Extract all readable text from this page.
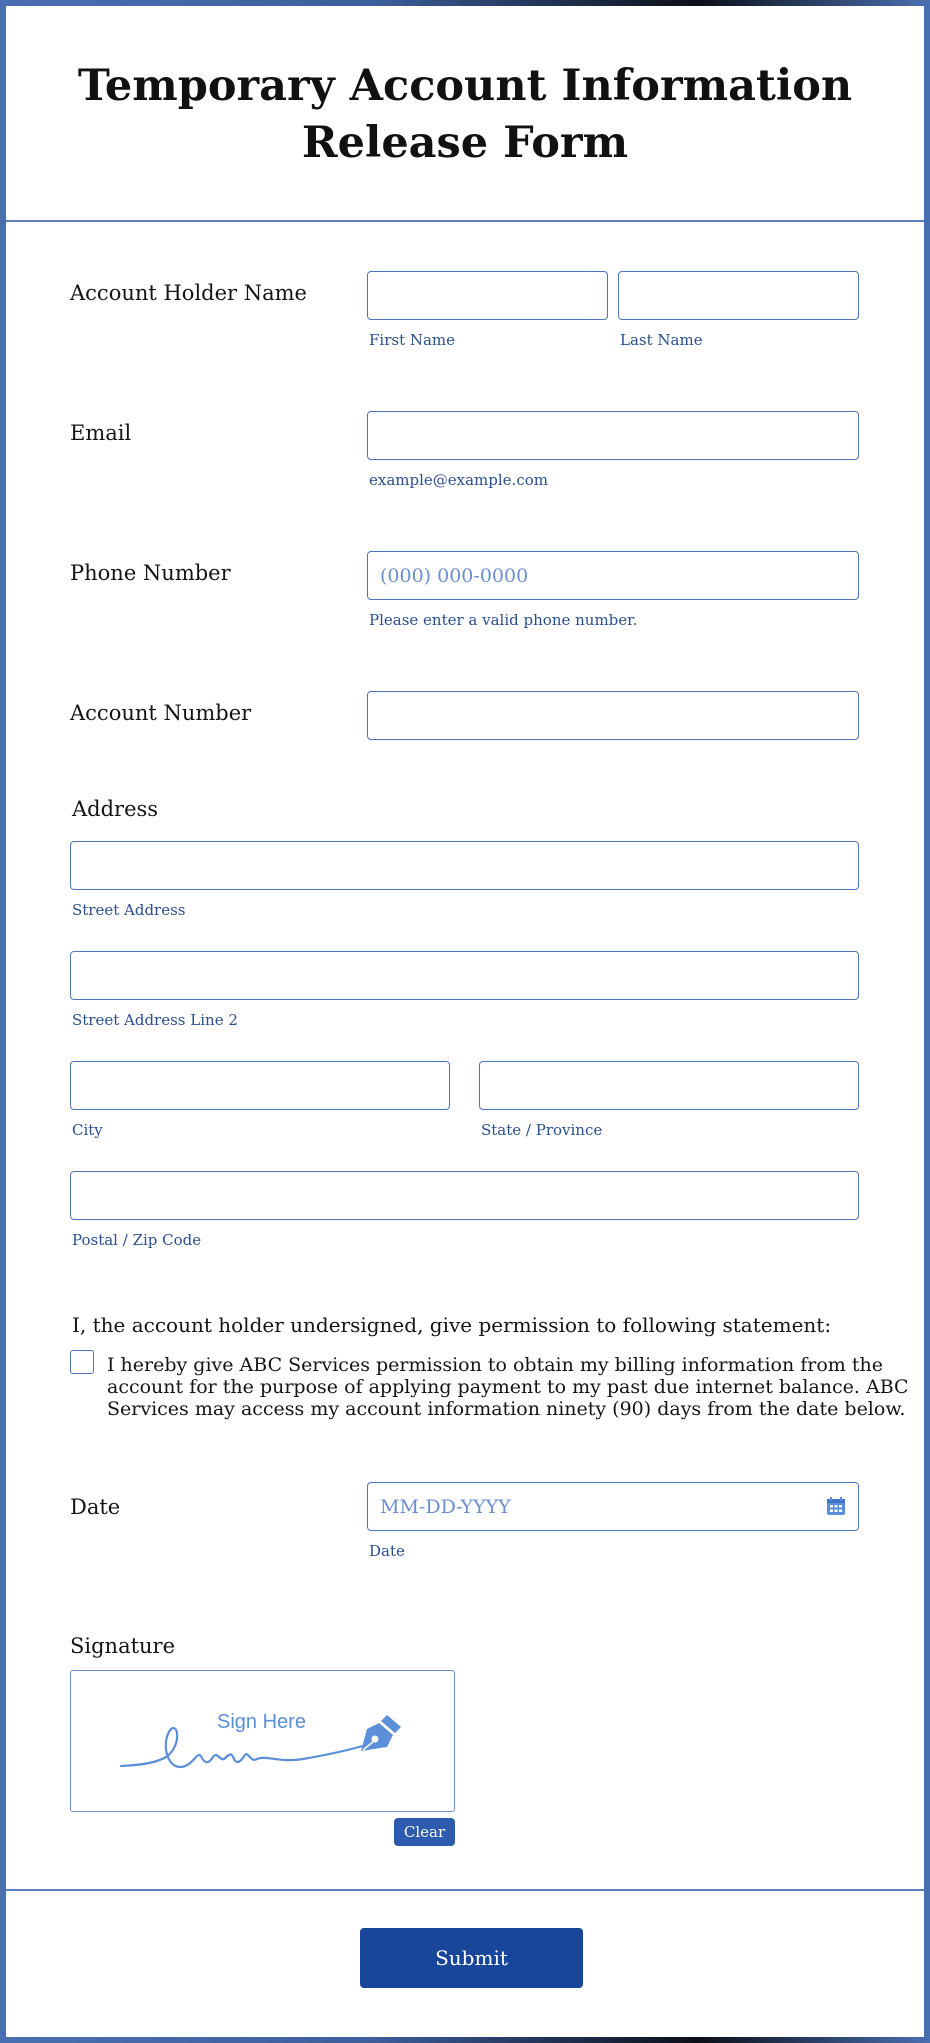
Temporary Account Information
Release Form
Account Holder Name
First Name	Last Name
Email
example@example.com
Phone Number	(000) 000-0000
Please enter a valid phone number.
Account Number
Address
Street Address
Street Address Line 2
City	State / Province
Postal / Zip Code
I, the account holder undersigned, give permission to following statement:
I hereby give ABC Services permission to obtain my billing information from the
account for the purpose of applying payment to my past due internet balance. ABC
Services may access my account information ninety (90) days from the date below.
Date	MM-DD-YYYY
Date
Signature
Sign Here
Clear
Submit
